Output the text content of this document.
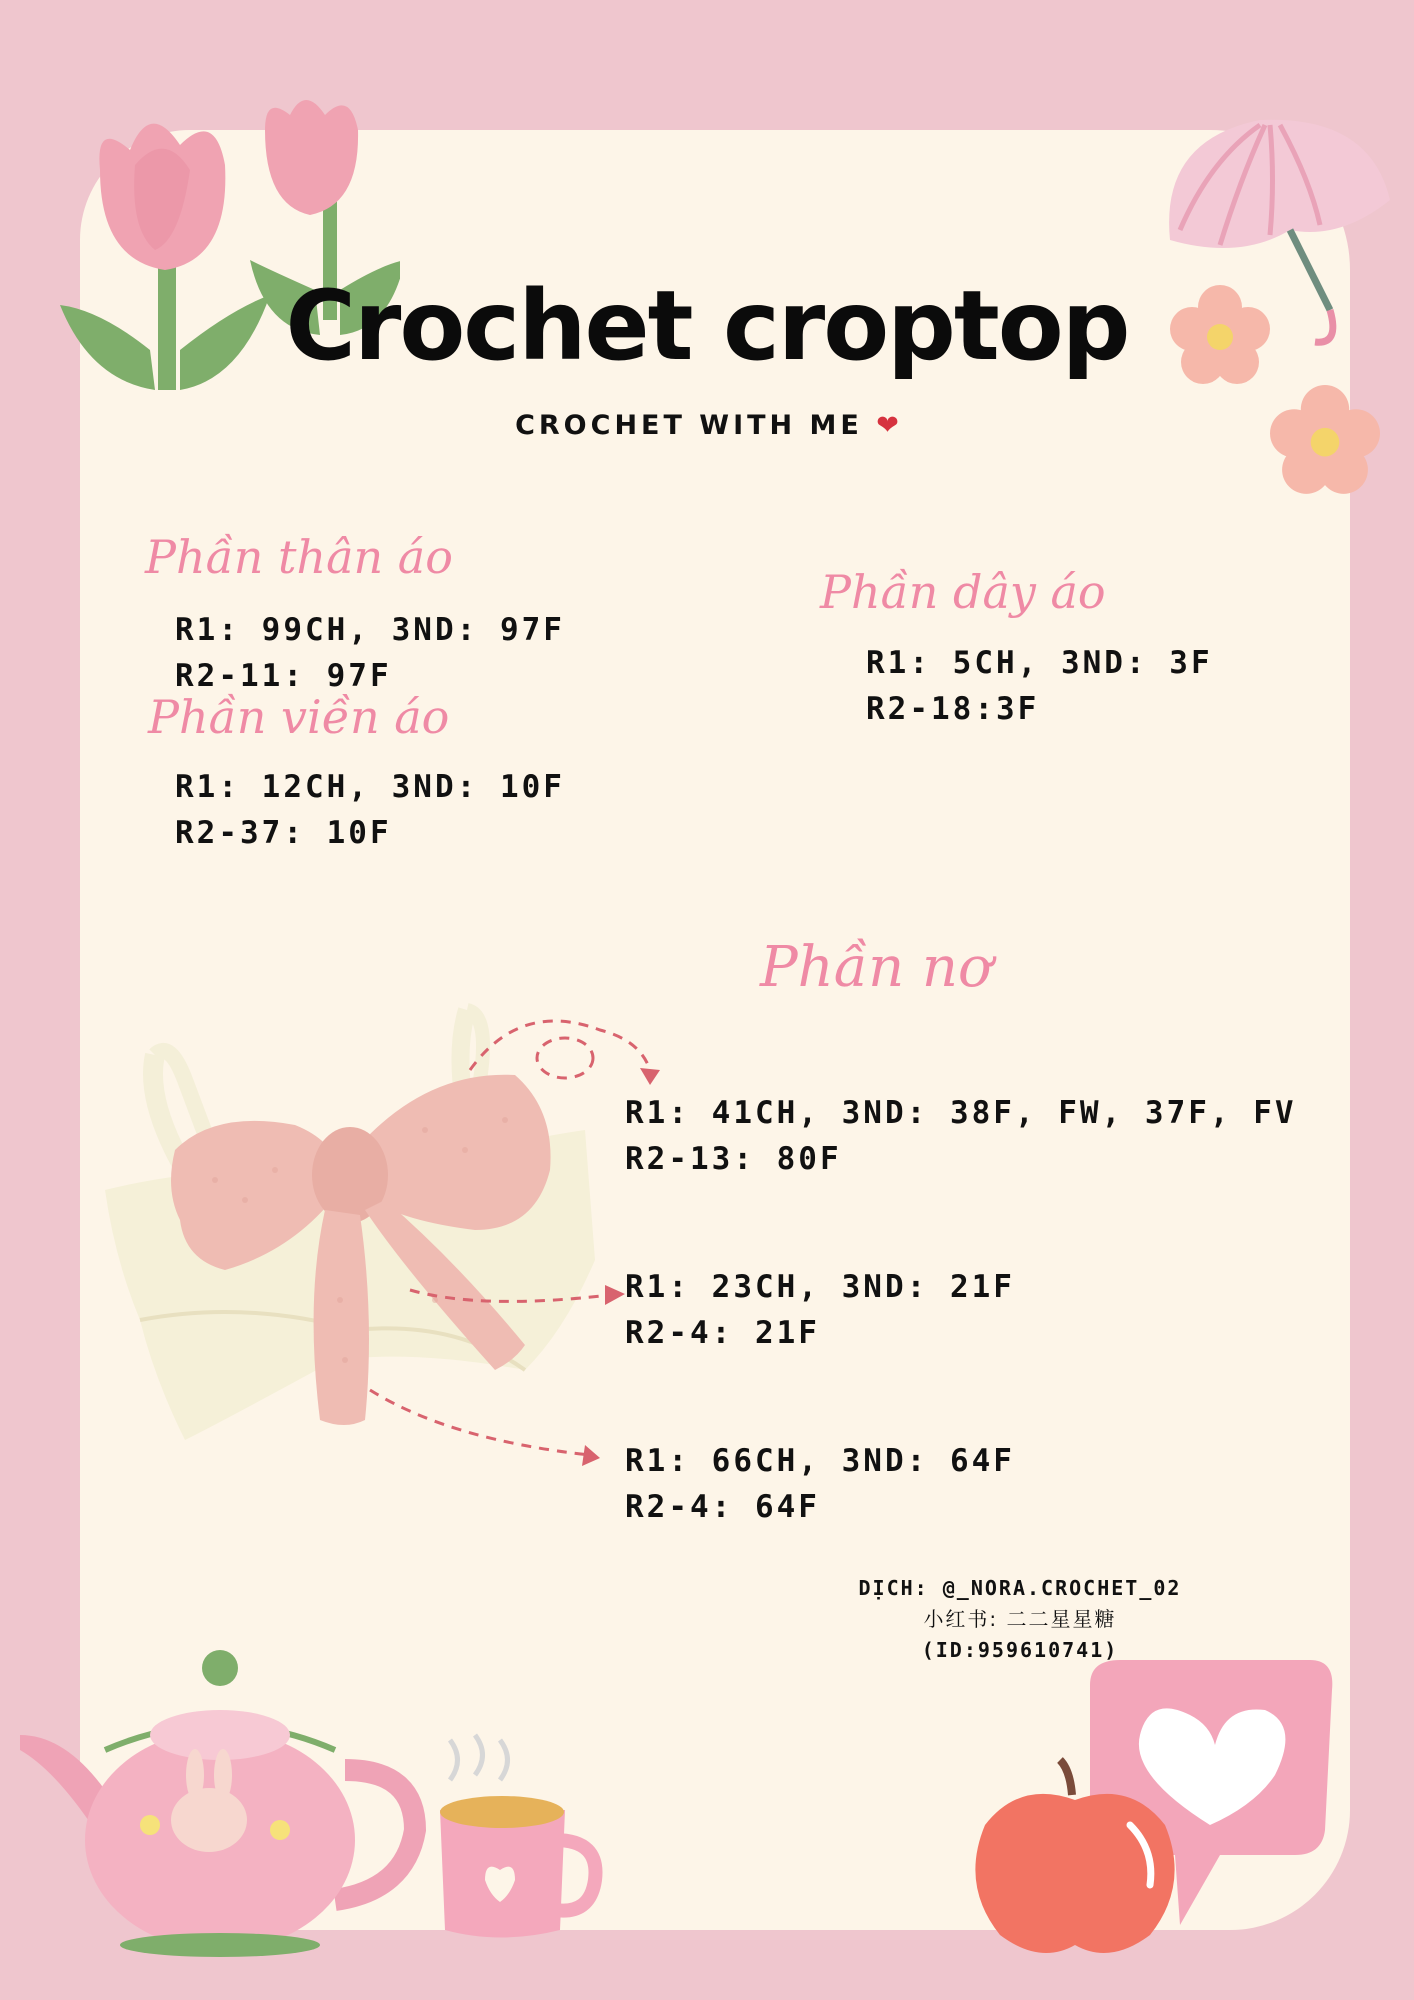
Crochet croptop
CROCHET WITH ME ❤
Phần thân áo
R1: 99CH, 3ND: 97F
R2-11: 97F
Phần viền áo
R1: 12CH, 3ND: 10F
R2-37: 10F
Phần dây áo
R1: 5CH, 3ND: 3F
R2-18:3F
Phần nơ
R1: 41CH, 3ND: 38F, FW, 37F, FV
R2-13: 80F
R1: 23CH, 3ND: 21F
R2-4: 21F
R1: 66CH, 3ND: 64F
R2-4: 64F
DỊCH: @_NORA.CROCHET_02
小红书: 二二星星糖
(ID:959610741)
